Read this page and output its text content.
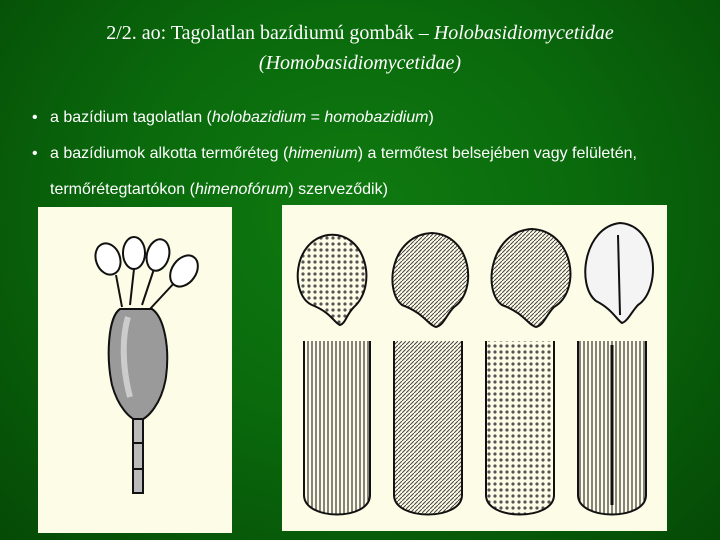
2/2. ao: Tagolatlan bazídiumú gombák – Holobasidiomycetidae
(Homobasidiomycetidae)
• a bazídium tagolatlan (holobazidium = homobazidium)
• a bazídiumok alkotta termőréteg (himenium) a termőtest belsejében vagy felületén, termőrétegtartókon (himenofórum) szerveződik)
